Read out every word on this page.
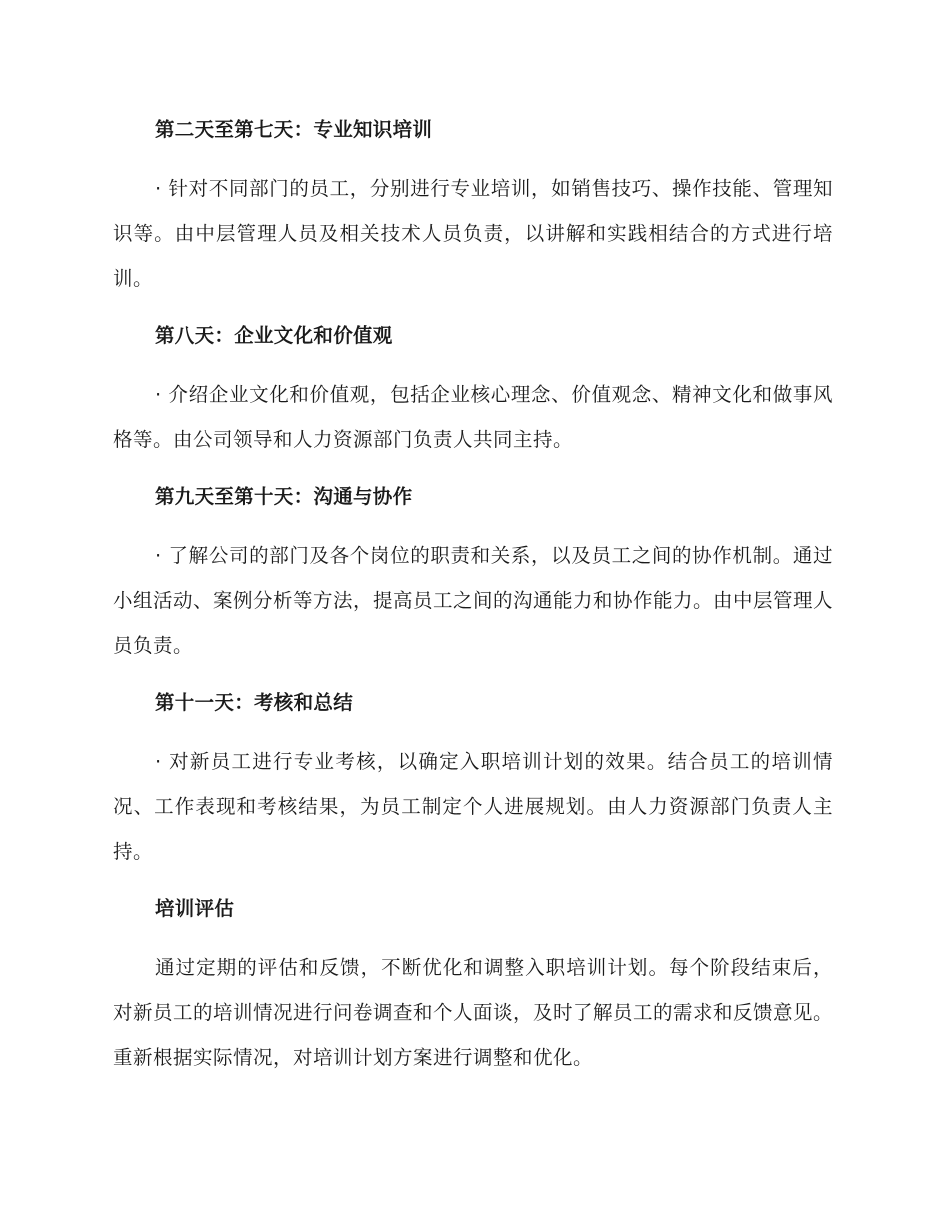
第二天至第七天：专业知识培训

· 针对不同部门的员工，分别进行专业培训，如销售技巧、操作技能、管理知识等。由中层管理人员及相关技术人员负责，以讲解和实践相结合的方式进行培训。

第八天：企业文化和价值观

· 介绍企业文化和价值观，包括企业核心理念、价值观念、精神文化和做事风格等。由公司领导和人力资源部门负责人共同主持。

第九天至第十天：沟通与协作

· 了解公司的部门及各个岗位的职责和关系，以及员工之间的协作机制。通过小组活动、案例分析等方法，提高员工之间的沟通能力和协作能力。由中层管理人员负责。

第十一天：考核和总结

· 对新员工进行专业考核，以确定入职培训计划的效果。结合员工的培训情况、工作表现和考核结果，为员工制定个人进展规划。由人力资源部门负责人主持。

培训评估

通过定期的评估和反馈，不断优化和调整入职培训计划。每个阶段结束后，对新员工的培训情况进行问卷调查和个人面谈，及时了解员工的需求和反馈意见。重新根据实际情况，对培训计划方案进行调整和优化。
